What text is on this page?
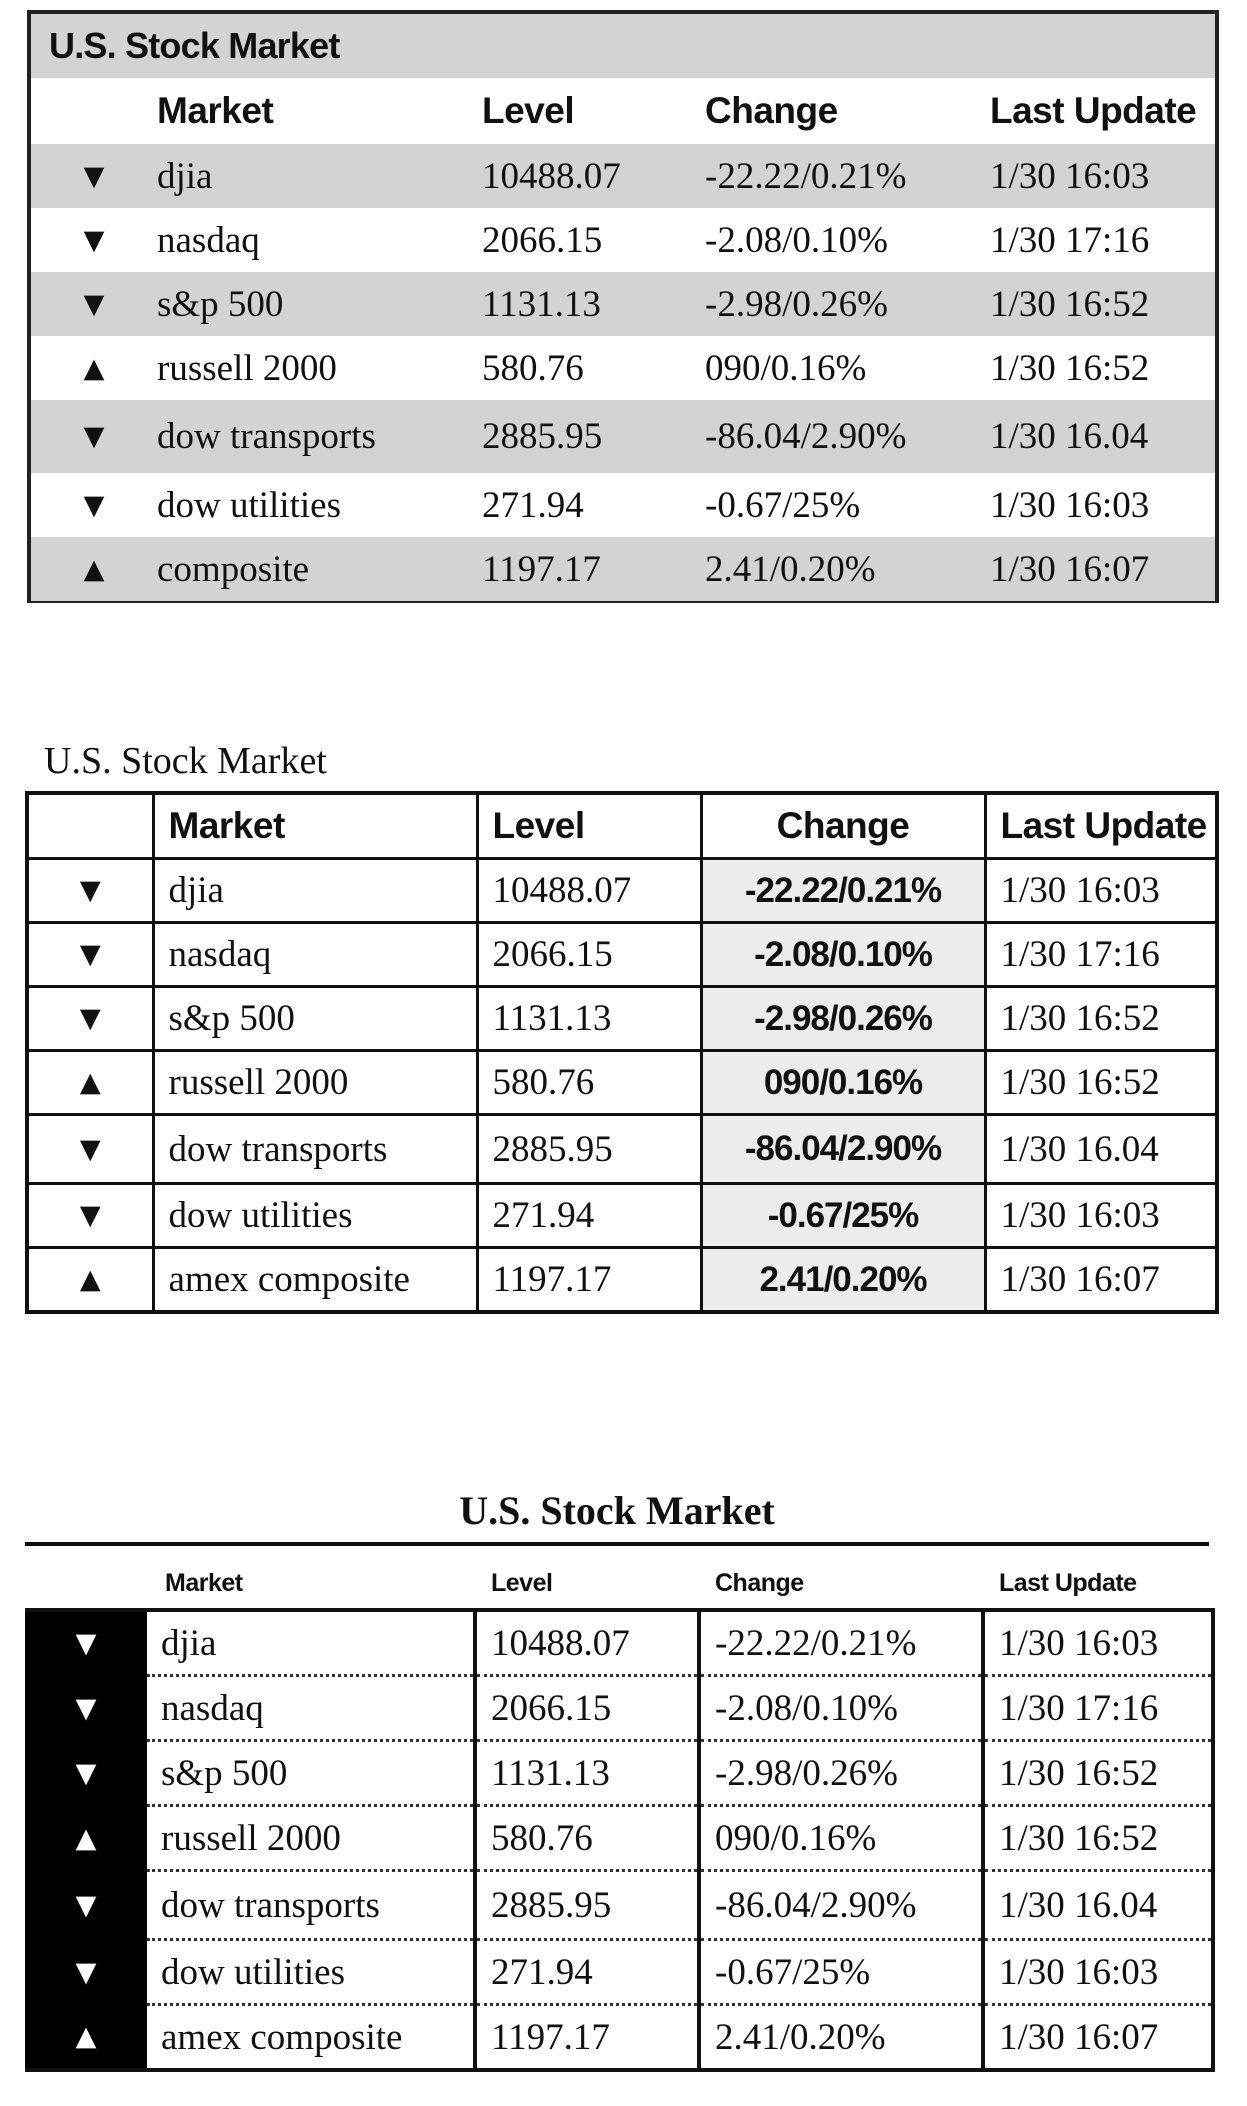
U.S. Stock Market
	Market	Level	Change	Last Update
▼	djia	10488.07	-22.22/0.21%	1/30 16:03
▼	nasdaq	2066.15	-2.08/0.10%	1/30 17:16
▼	s&p 500	1131.13	-2.98/0.26%	1/30 16:52
▲	russell 2000	580.76	090/0.16%	1/30 16:52
▼	dow transports	2885.95	-86.04/2.90%	1/30 16.04
▼	dow utilities	271.94	-0.67/25%	1/30 16:03
▲	composite	1197.17	2.41/0.20%	1/30 16:07
U.S. Stock Market
	Market	Level	Change	Last Update
▼	djia	10488.07	-22.22/0.21%	1/30 16:03
▼	nasdaq	2066.15	-2.08/0.10%	1/30 17:16
▼	s&p 500	1131.13	-2.98/0.26%	1/30 16:52
▲	russell 2000	580.76	090/0.16%	1/30 16:52
▼	dow transports	2885.95	-86.04/2.90%	1/30 16.04
▼	dow utilities	271.94	-0.67/25%	1/30 16:03
▲	amex composite	1197.17	2.41/0.20%	1/30 16:07
U.S. Stock Market
	Market	Level	Change	Last Update
▼	djia	10488.07	-22.22/0.21%	1/30 16:03
▼	nasdaq	2066.15	-2.08/0.10%	1/30 17:16
▼	s&p 500	1131.13	-2.98/0.26%	1/30 16:52
▲	russell 2000	580.76	090/0.16%	1/30 16:52
▼	dow transports	2885.95	-86.04/2.90%	1/30 16.04
▼	dow utilities	271.94	-0.67/25%	1/30 16:03
▲	amex composite	1197.17	2.41/0.20%	1/30 16:07
